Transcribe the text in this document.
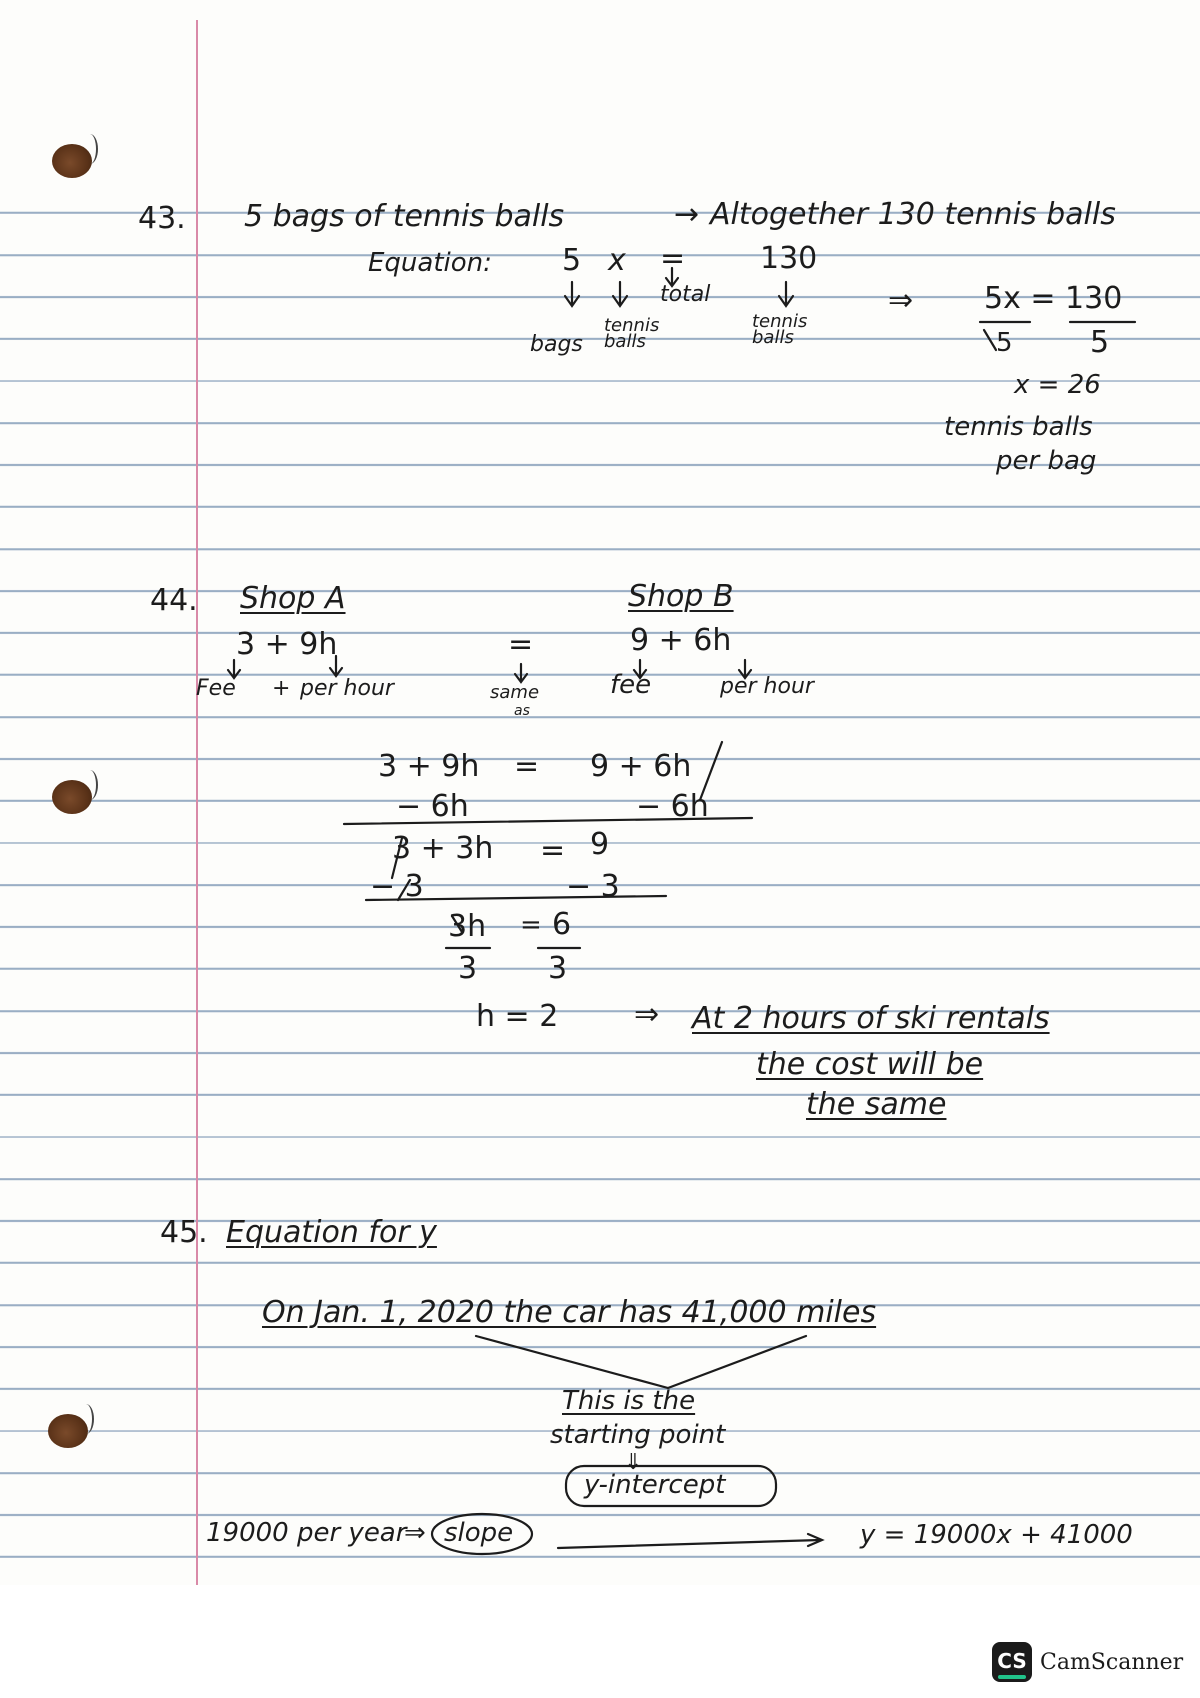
43. 5 bags of tennis balls	→ Altogether 130 tennis balls
Equation: 5 x = 130
total
bags
tennis balls
tennis balls
⇒ 5x = 130
5	5
x = 26
tennis balls
per bag
44. Shop A	Shop B
3 + 9h	=	9 + 6h
Fee + per hour	same
as
fee	per hour
3 + 9h = 9 + 6h
− 6h	− 6h
3 + 3h = 9
− 3	− 3
3h = 6
3 3
h = 2	⇒ At 2 hours of ski rentals
the cost will be
the same
45. Equation for y
On Jan. 1, 2020 the car has 41,000 miles
This is the
starting point
⇓
y-intercept
19000 per year
⇒ slope	y = 19000x + 41000
CS CamScanner
